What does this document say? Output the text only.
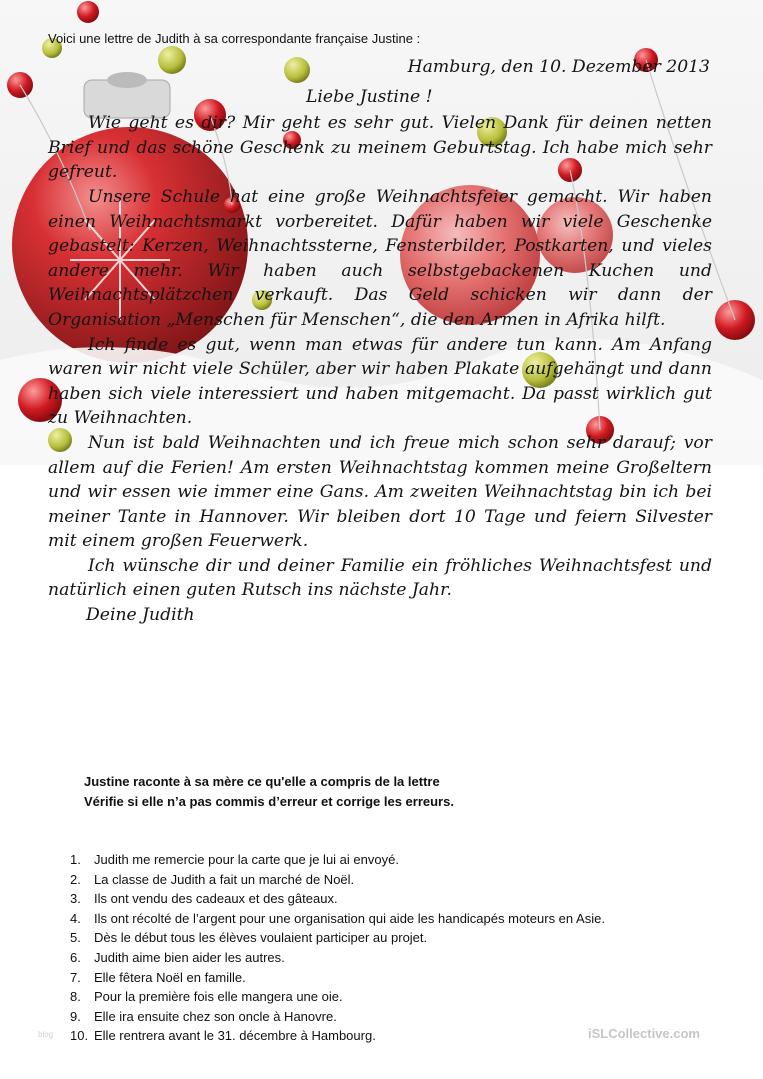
Voici une lettre de Judith à sa correspondante française Justine :
Hamburg, den 10. Dezember 2013
Liebe Justine !

Wie geht es dir? Mir geht es sehr gut. Vielen Dank für deinen netten Brief und das schöne Geschenk zu meinem Geburtstag. Ich habe mich sehr gefreut.

Unsere Schule hat eine große Weihnachtsfeier gemacht. Wir haben einen Weihnachtsmarkt vorbereitet. Dafür haben wir viele Geschenke gebastelt: Kerzen, Weihnachtssterne, Fensterbilder, Postkarten, und vieles andere mehr. Wir haben auch selbstgebackenen Kuchen und Weihnachtsplätzchen verkauft. Das Geld schicken wir dann der Organisation „Menschen für Menschen“, die den Armen in Afrika hilft.

Ich finde es gut, wenn man etwas für andere tun kann. Am Anfang waren wir nicht viele Schüler, aber wir haben Plakate aufgehängt und dann haben sich viele interessiert und haben mitgemacht. Da passt wirklich gut zu Weihnachten.

Nun ist bald Weihnachten und ich freue mich schon sehr darauf; vor allem auf die Ferien! Am ersten Weihnachtstag kommen meine Großeltern und wir essen wie immer eine Gans. Am zweiten Weihnachtstag bin ich bei meiner Tante in Hannover. Wir bleiben dort 10 Tage und feiern Silvester mit einem großen Feuerwerk.

Ich wünsche dir und deiner Familie ein fröhliches Weihnachtsfest und natürlich einen guten Rutsch ins nächste Jahr.

Deine Judith
Justine raconte à sa mère ce qu'elle a compris de la lettre
Vérifie si elle n’a pas commis d’erreur et corrige les erreurs.
1.	Judith me remercie pour la carte que je lui ai envoyé.
2.	La classe de Judith a fait un marché de Noël.
3.	Ils ont vendu des cadeaux et des gâteaux.
4.	Ils ont récolté de l’argent pour une organisation qui aide les handicapés moteurs en Asie.
5.	Dès le début tous les élèves voulaient participer au projet.
6.	Judith aime bien aider les autres.
7.	Elle fêtera Noël en famille.
8.	Pour la première fois elle mangera une oie.
9.	Elle ira ensuite chez son oncle à Hanovre.
10. Elle rentrera avant le 31. décembre à Hambourg.
blog	iSLCollective.com
